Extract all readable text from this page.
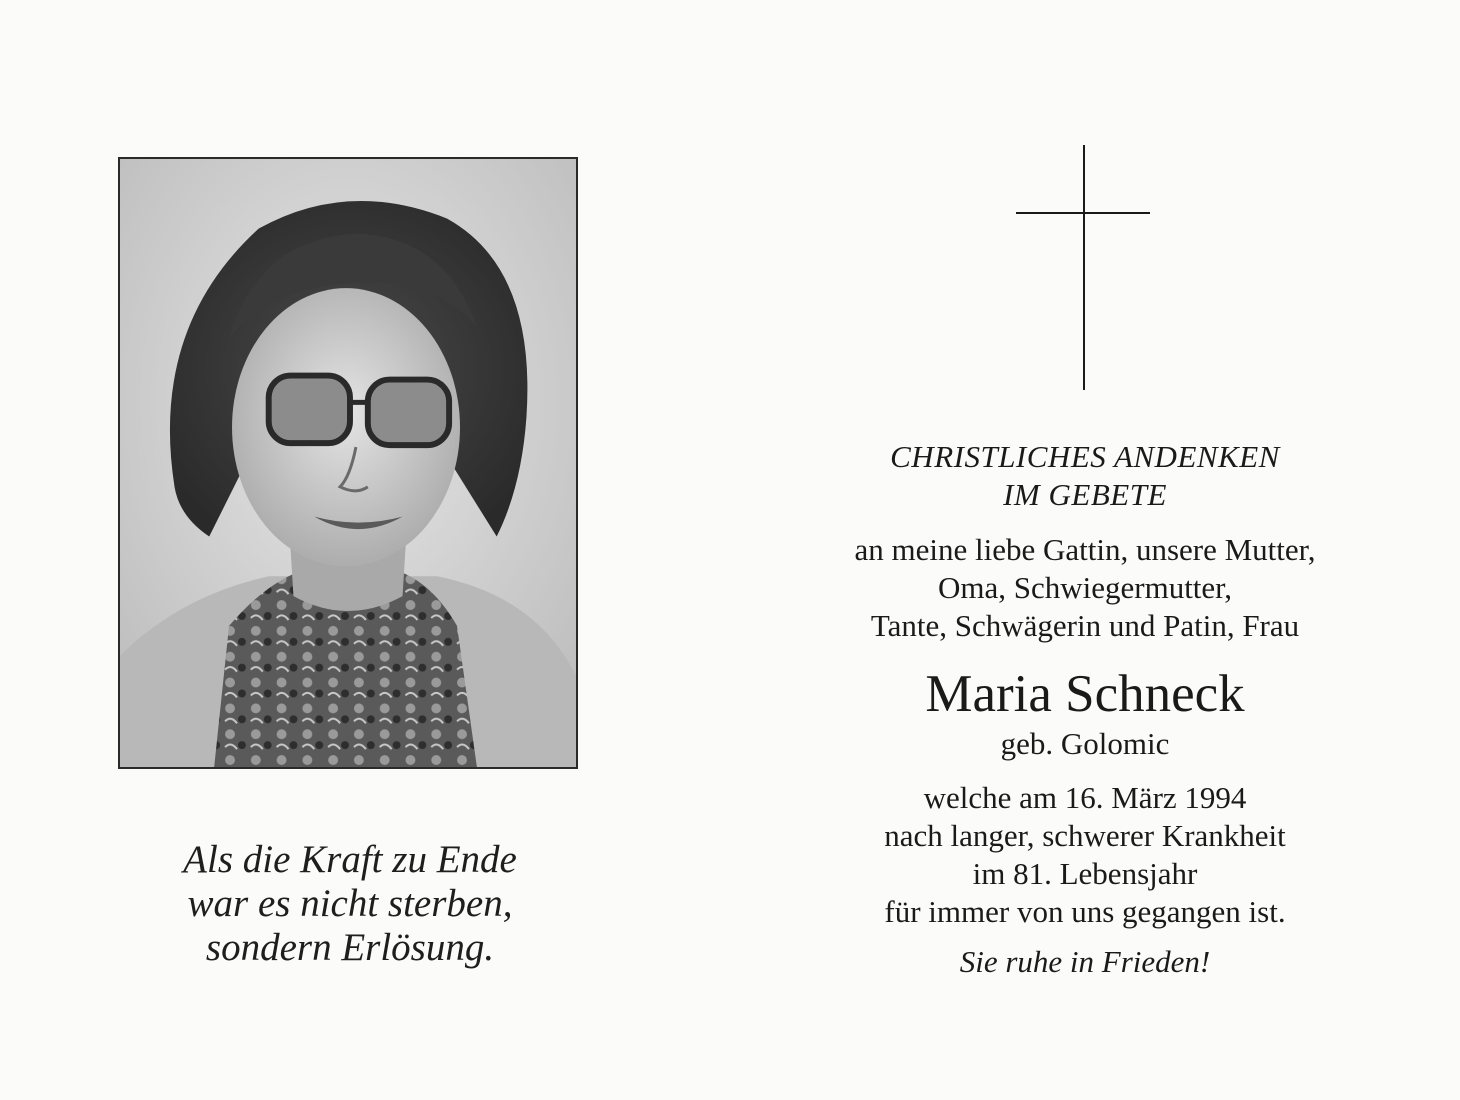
Als die Kraft zu Ende
war es nicht sterben,
sondern Erlösung.
CHRISTLICHES ANDENKEN
IM GEBETE
an meine liebe Gattin, unsere Mutter,
Oma, Schwiegermutter,
Tante, Schwägerin und Patin, Frau
Maria Schneck
geb. Golomic
welche am 16. März 1994
nach langer, schwerer Krankheit
im 81. Lebensjahr
für immer von uns gegangen ist.
Sie ruhe in Frieden!
